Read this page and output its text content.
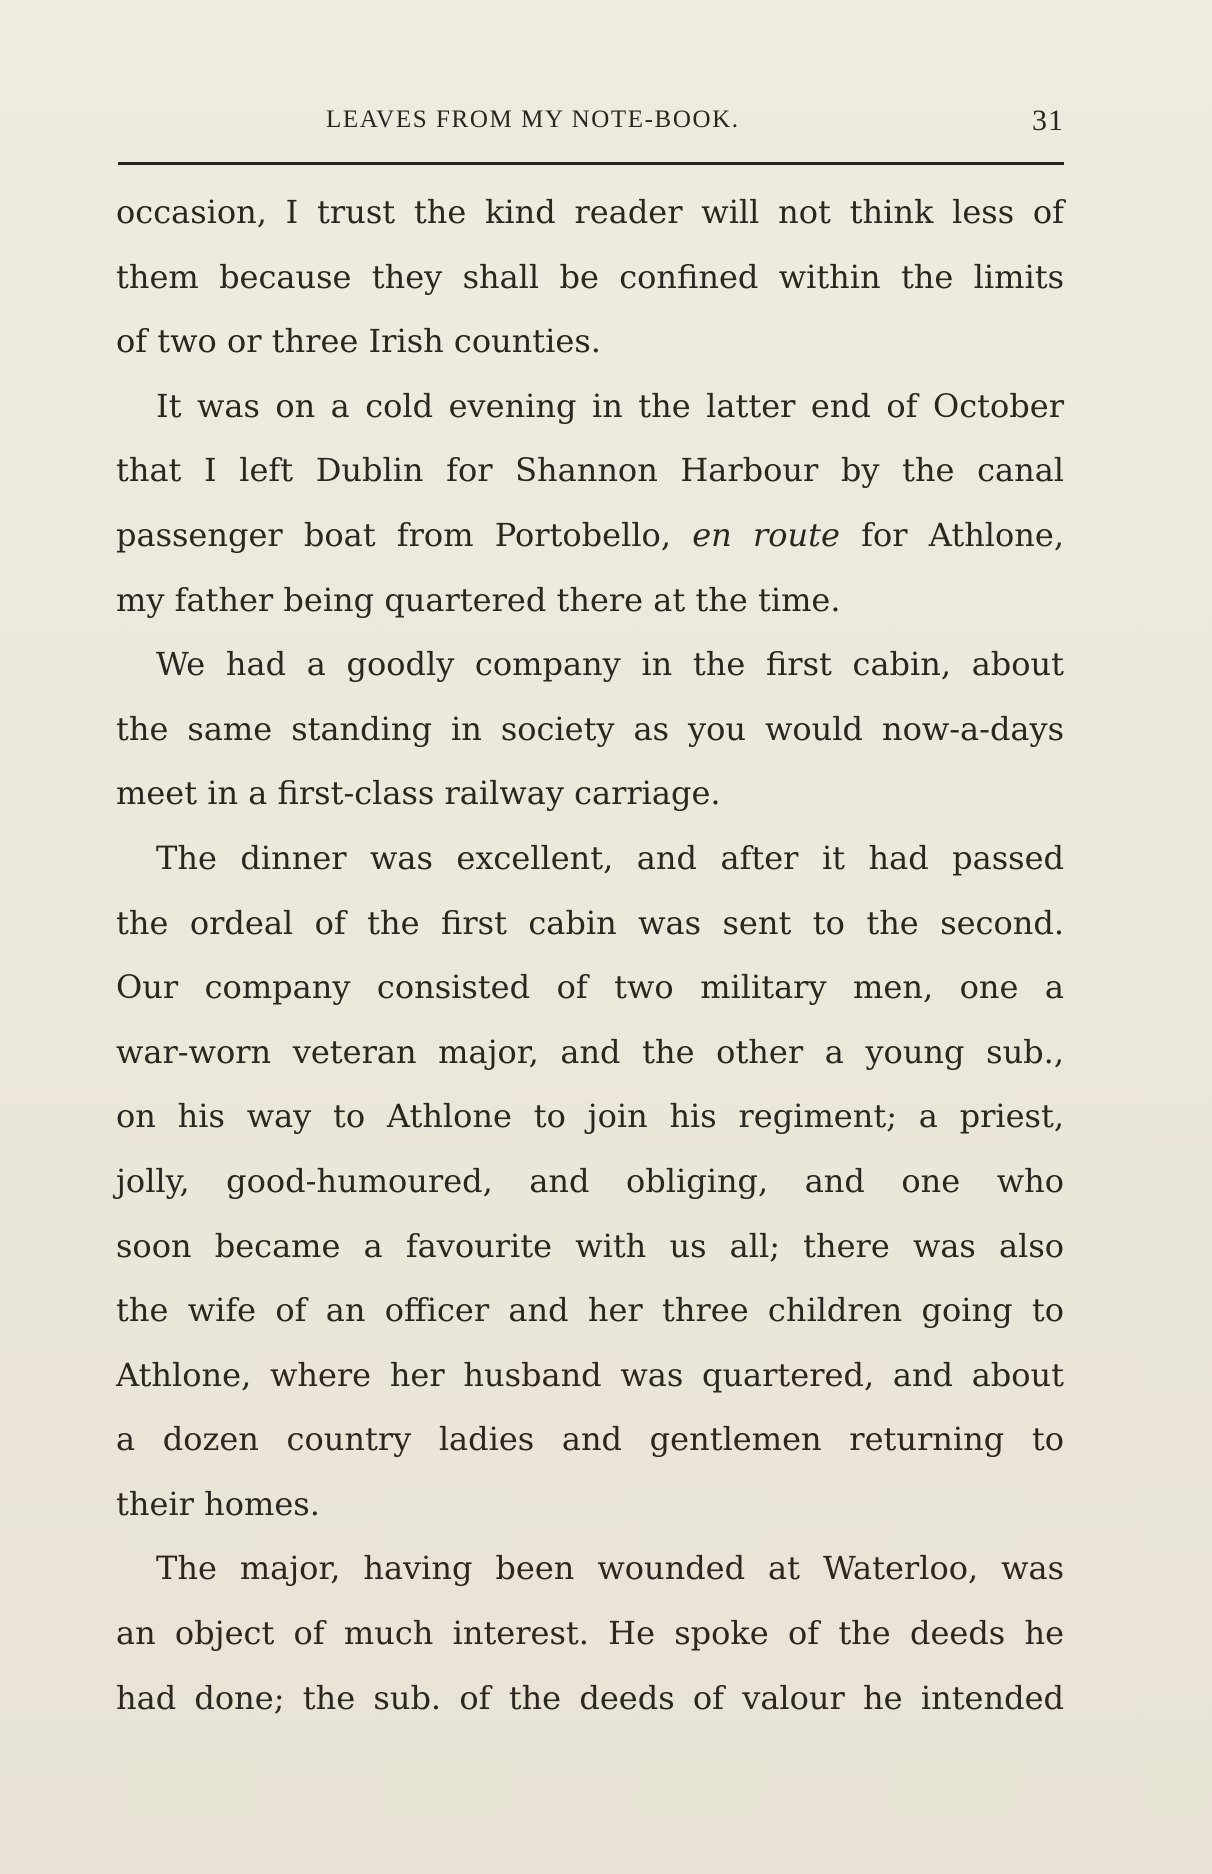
LEAVES FROM MY NOTE-BOOK.	31
occasion, I trust the kind reader will not think less of
them because they shall be confined within the limits
of two or three Irish counties.
It was on a cold evening in the latter end of October
that I left Dublin for Shannon Harbour by the canal
passenger boat from Portobello, en route for Athlone,
my father being quartered there at the time.
We had a goodly company in the first cabin, about
the same standing in society as you would now-a-days
meet in a first-class railway carriage.
The dinner was excellent, and after it had passed
the ordeal of the first cabin was sent to the second.
Our company consisted of two military men, one a
war-worn veteran major, and the other a young sub.,
on his way to Athlone to join his regiment; a priest,
jolly, good-humoured, and obliging, and one who
soon became a favourite with us all; there was also
the wife of an officer and her three children going to
Athlone, where her husband was quartered, and about
a dozen country ladies and gentlemen returning to
their homes.
The major, having been wounded at Waterloo, was
an object of much interest. He spoke of the deeds he
had done; the sub. of the deeds of valour he intended
